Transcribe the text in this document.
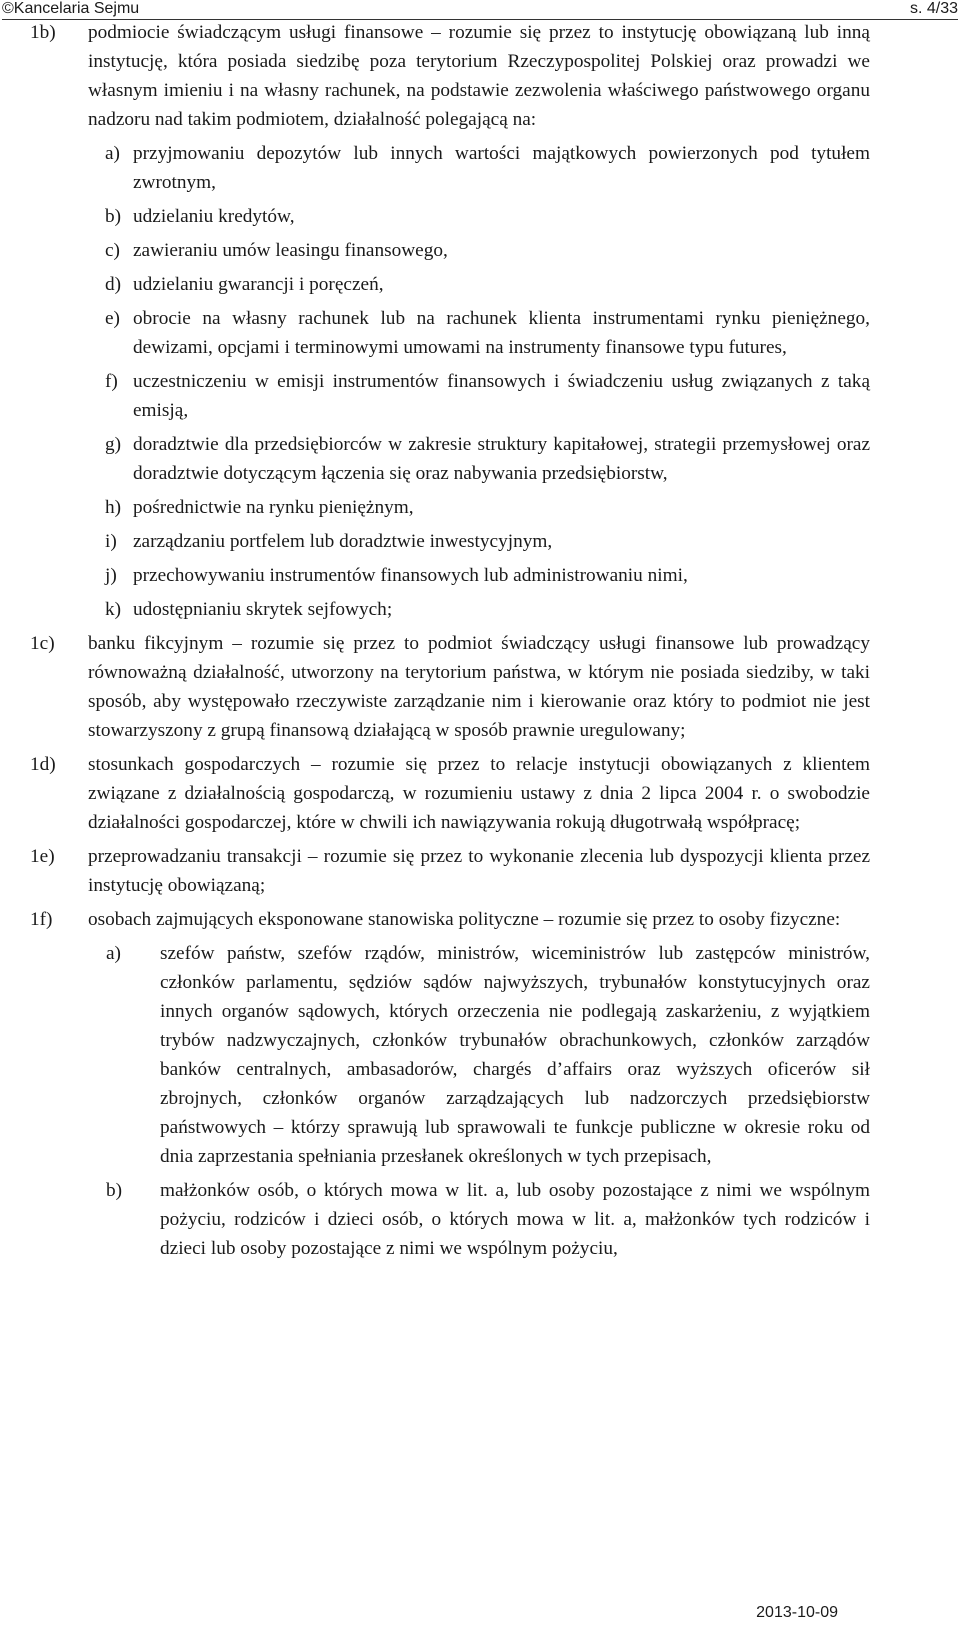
©Kancelaria Sejmu	s. 4/33
1b) podmiocie świadczącym usługi finansowe – rozumie się przez to instytucję obowiązaną lub inną instytucję, która posiada siedzibę poza terytorium Rzeczypospolitej Polskiej oraz prowadzi we własnym imieniu i na własny rachunek, na podstawie zezwolenia właściwego państwowego organu nadzoru nad takim podmiotem, działalność polegającą na:
a) przyjmowaniu depozytów lub innych wartości majątkowych powierzonych pod tytułem zwrotnym,
b) udzielaniu kredytów,
c) zawieraniu umów leasingu finansowego,
d) udzielaniu gwarancji i poręczeń,
e) obrocie na własny rachunek lub na rachunek klienta instrumentami rynku pieniężnego, dewizami, opcjami i terminowymi umowami na instrumenty finansowe typu futures,
f) uczestniczeniu w emisji instrumentów finansowych i świadczeniu usług związanych z taką emisją,
g) doradztwie dla przedsiębiorców w zakresie struktury kapitałowej, strategii przemysłowej oraz doradztwie dotyczącym łączenia się oraz nabywania przedsiębiorstw,
h) pośrednictwie na rynku pieniężnym,
i) zarządzaniu portfelem lub doradztwie inwestycyjnym,
j) przechowywaniu instrumentów finansowych lub administrowaniu nimi,
k) udostępnianiu skrytek sejfowych;
1c) banku fikcyjnym – rozumie się przez to podmiot świadczący usługi finansowe lub prowadzący równoważną działalność, utworzony na terytorium państwa, w którym nie posiada siedziby, w taki sposób, aby występowało rzeczywiste zarządzanie nim i kierowanie oraz który to podmiot nie jest stowarzyszony z grupą finansową działającą w sposób prawnie uregulowany;
1d) stosunkach gospodarczych – rozumie się przez to relacje instytucji obowiązanych z klientem związane z działalnością gospodarczą, w rozumieniu ustawy z dnia 2 lipca 2004 r. o swobodzie działalności gospodarczej, które w chwili ich nawiązywania rokują długotrwałą współpracę;
1e) przeprowadzaniu transakcji – rozumie się przez to wykonanie zlecenia lub dyspozycji klienta przez instytucję obowiązaną;
1f) osobach zajmujących eksponowane stanowiska polityczne – rozumie się przez to osoby fizyczne:
a) szefów państw, szefów rządów, ministrów, wiceministrów lub zastępców ministrów, członków parlamentu, sędziów sądów najwyższych, trybunałów konstytucyjnych oraz innych organów sądowych, których orzeczenia nie podlegają zaskarżeniu, z wyjątkiem trybów nadzwyczajnych, członków trybunałów obrachunkowych, członków zarządów banków centralnych, ambasadorów, chargés d’affairs oraz wyższych oficerów sił zbrojnych, członków organów zarządzających lub nadzorczych przedsiębiorstw państwowych – którzy sprawują lub sprawowali te funkcje publiczne w okresie roku od dnia zaprzestania spełniania przesłanek określonych w tych przepisach,
b) małżonków osób, o których mowa w lit. a, lub osoby pozostające z nimi we wspólnym pożyciu, rodziców i dzieci osób, o których mowa w lit. a, małżonków tych rodziców i dzieci lub osoby pozostające z nimi we wspólnym pożyciu,
2013-10-09
